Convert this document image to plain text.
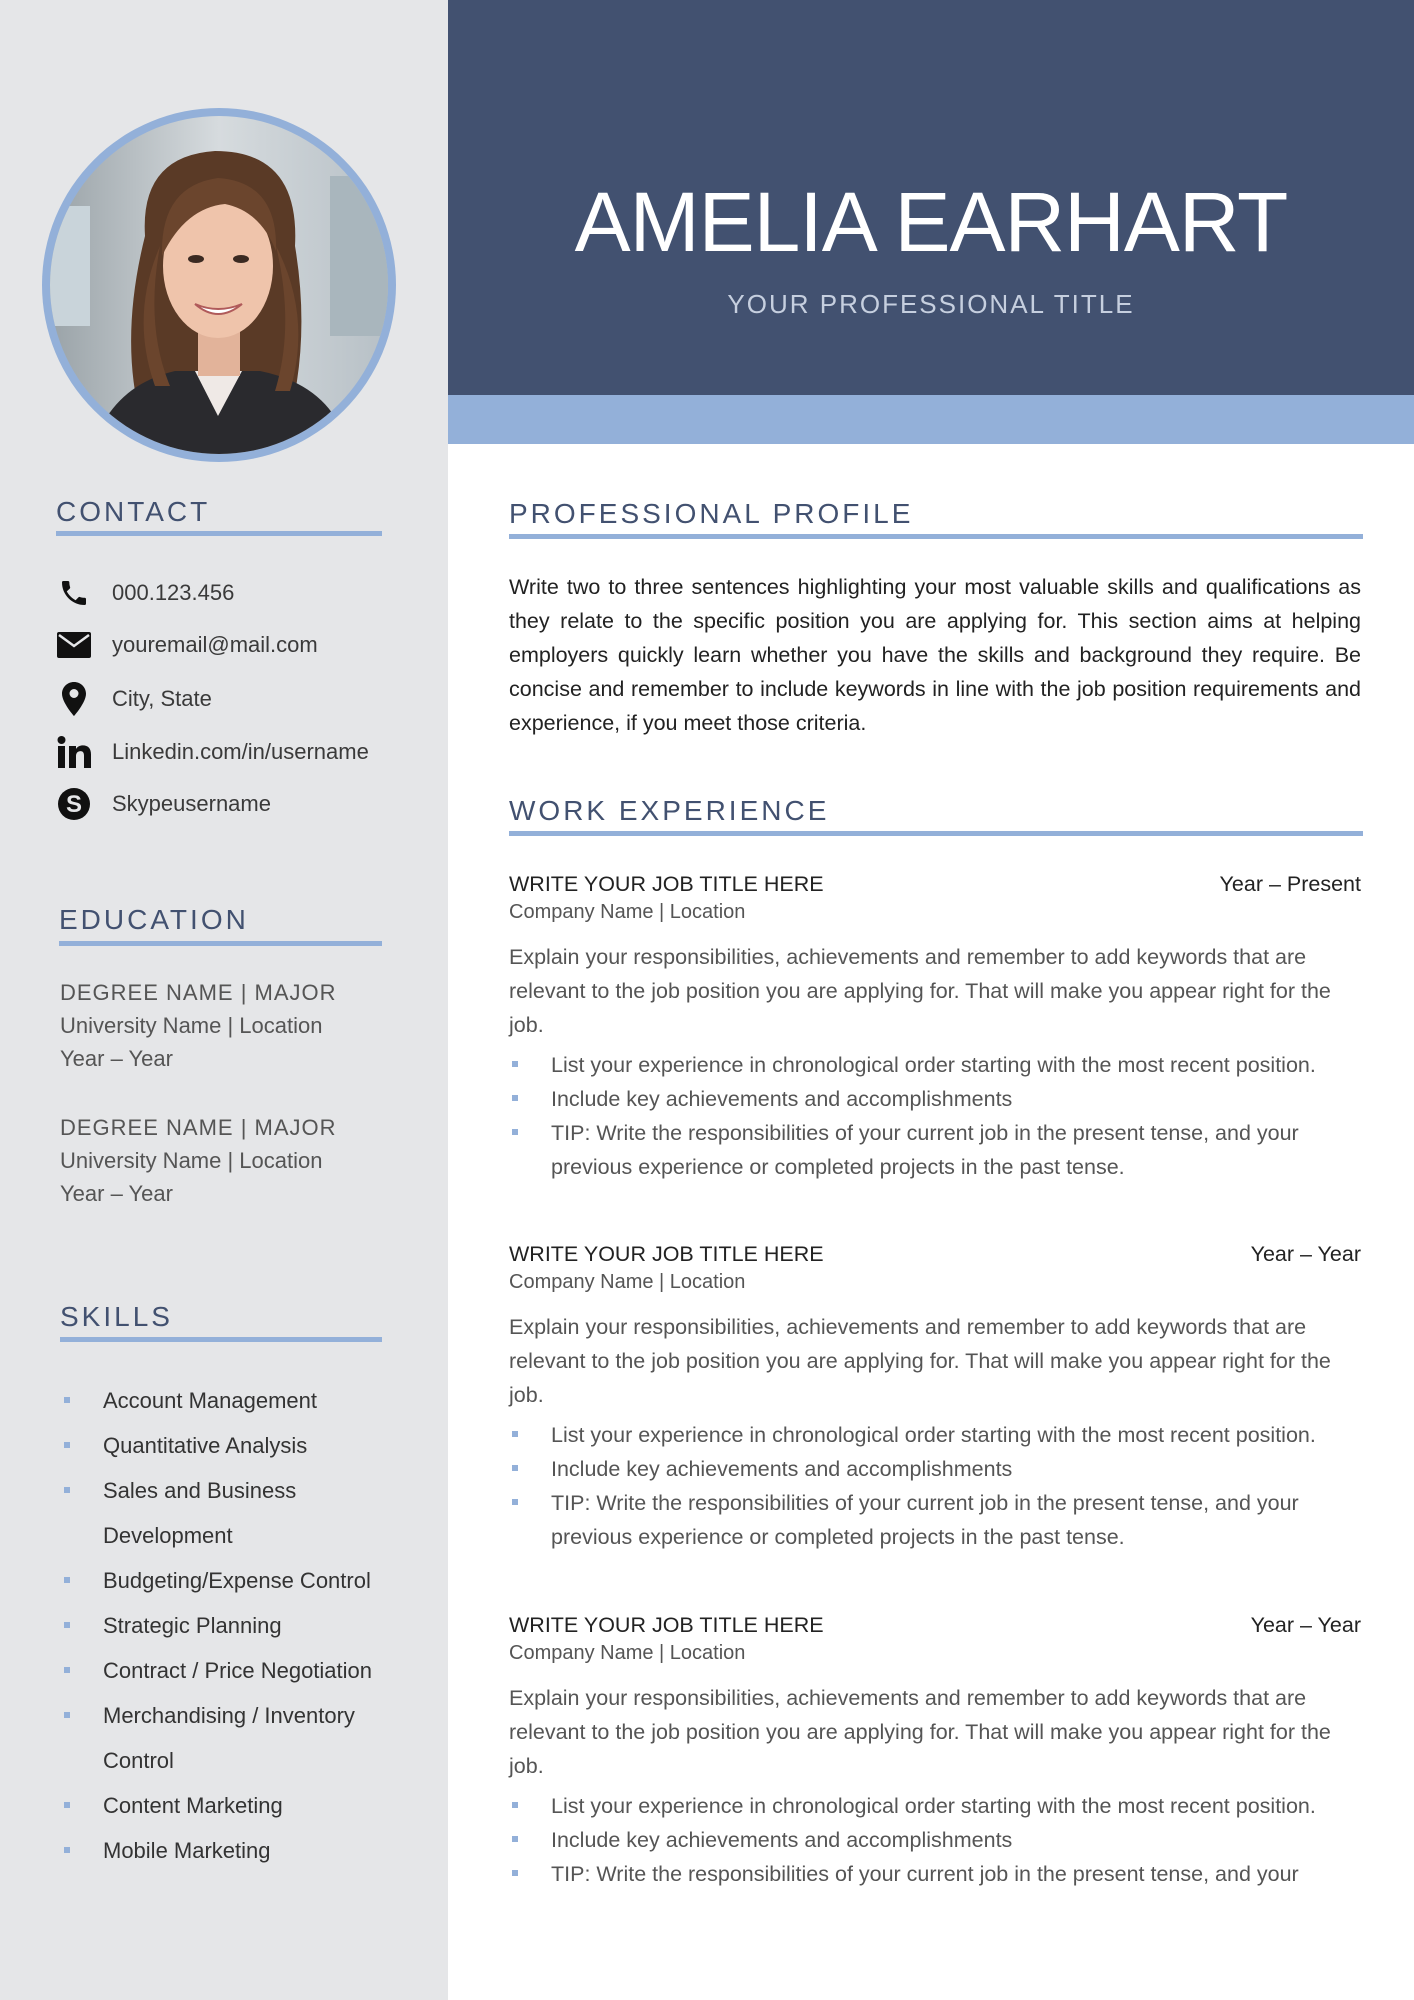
AMELIA EARHART
YOUR PROFESSIONAL TITLE
CONTACT
000.123.456
youremail@mail.com
City, State
Linkedin.com/in/username
S Skypeusername
EDUCATION
DEGREE NAME | MAJOR
University Name | Location
Year – Year
DEGREE NAME | MAJOR
University Name | Location
Year – Year
SKILLS
Account Management
Quantitative Analysis
Sales and Business Development
Budgeting/Expense Control
Strategic Planning
Contract / Price Negotiation
Merchandising / Inventory Control
Content Marketing
Mobile Marketing
PROFESSIONAL PROFILE
Write two to three sentences highlighting your most valuable skills and qualifications as they relate to the specific position you are applying for. This section aims at helping employers quickly learn whether you have the skills and background they require. Be concise and remember to include keywords in line with the job position requirements and experience, if you meet those criteria.
WORK EXPERIENCE
WRITE YOUR JOB TITLE HERE	Year – Present
Company Name | Location
Explain your responsibilities, achievements and remember to add keywords that are relevant to the job position you are applying for. That will make you appear right for the job.
List your experience in chronological order starting with the most recent position.
Include key achievements and accomplishments
TIP: Write the responsibilities of your current job in the present tense, and your previous experience or completed projects in the past tense.
WRITE YOUR JOB TITLE HERE	Year – Year
Company Name | Location
Explain your responsibilities, achievements and remember to add keywords that are relevant to the job position you are applying for. That will make you appear right for the job.
List your experience in chronological order starting with the most recent position.
Include key achievements and accomplishments
TIP: Write the responsibilities of your current job in the present tense, and your previous experience or completed projects in the past tense.
WRITE YOUR JOB TITLE HERE	Year – Year
Company Name | Location
Explain your responsibilities, achievements and remember to add keywords that are relevant to the job position you are applying for. That will make you appear right for the job.
List your experience in chronological order starting with the most recent position.
Include key achievements and accomplishments
TIP: Write the responsibilities of your current job in the present tense, and your
